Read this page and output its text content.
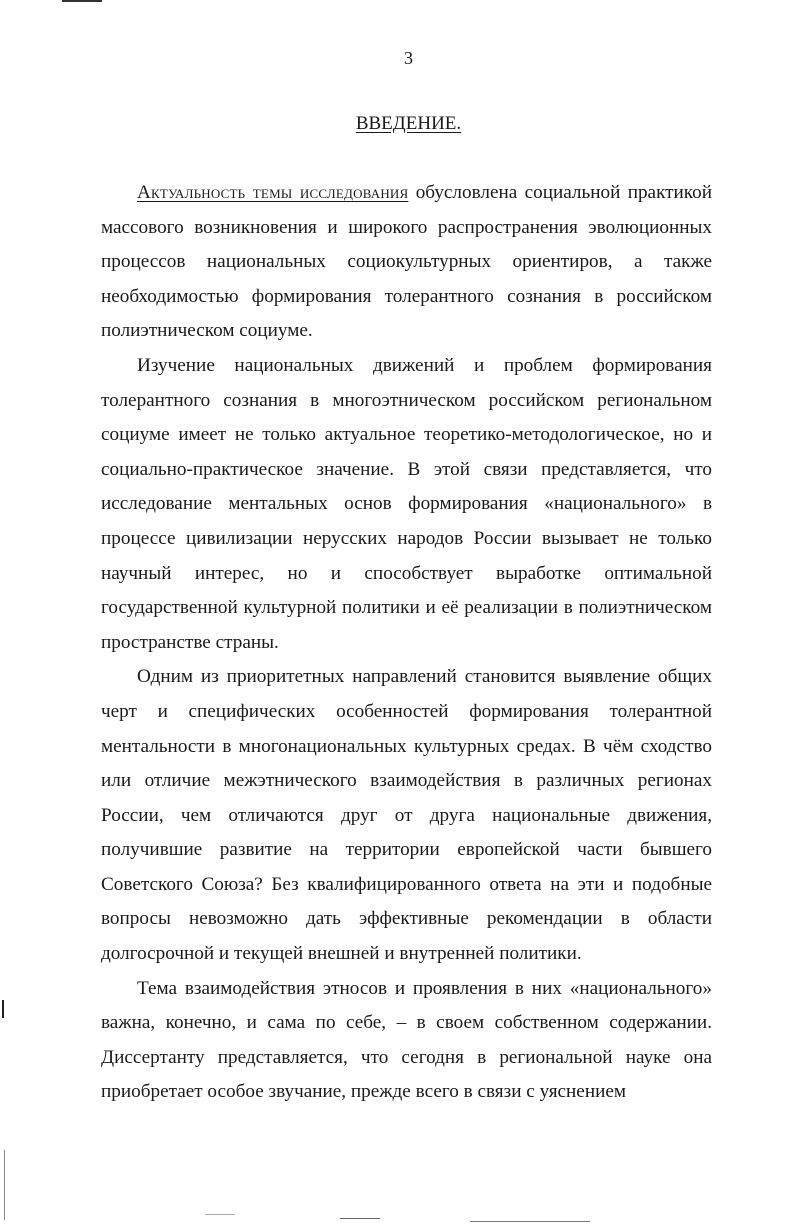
3
ВВЕДЕНИЕ.

Актуальность темы исследования обусловлена социальной практикой массового возникновения и широкого распространения эволюционных процессов национальных социокультурных ориентиров, а также необходимостью формирования толерантного сознания в российском полиэтническом социуме.

Изучение национальных движений и проблем формирования толерантного сознания в многоэтническом российском региональном социуме имеет не только актуальное теоретико-методологическое, но и социально-практическое значение. В этой связи представляется, что исследование ментальных основ формирования «национального» в процессе цивилизации нерусских народов России вызывает не только научный интерес, но и способствует выработке оптимальной государственной культурной политики и её реализации в полиэтническом пространстве страны.

Одним из приоритетных направлений становится выявление общих черт и специфических особенностей формирования толерантной ментальности в многонациональных культурных средах. В чём сходство или отличие межэтнического взаимодействия в различных регионах России, чем отличаются друг от друга национальные движения, получившие развитие на территории европейской части бывшего Советского Союза? Без квалифицированного ответа на эти и подобные вопросы невозможно дать эффективные рекомендации в области долгосрочной и текущей внешней и внутренней политики.

Тема взаимодействия этносов и проявления в них «национального» важна, конечно, и сама по себе, – в своем собственном содержании. Диссертанту представляется, что сегодня в региональной науке она приобретает особое звучание, прежде всего в связи с уяснением
